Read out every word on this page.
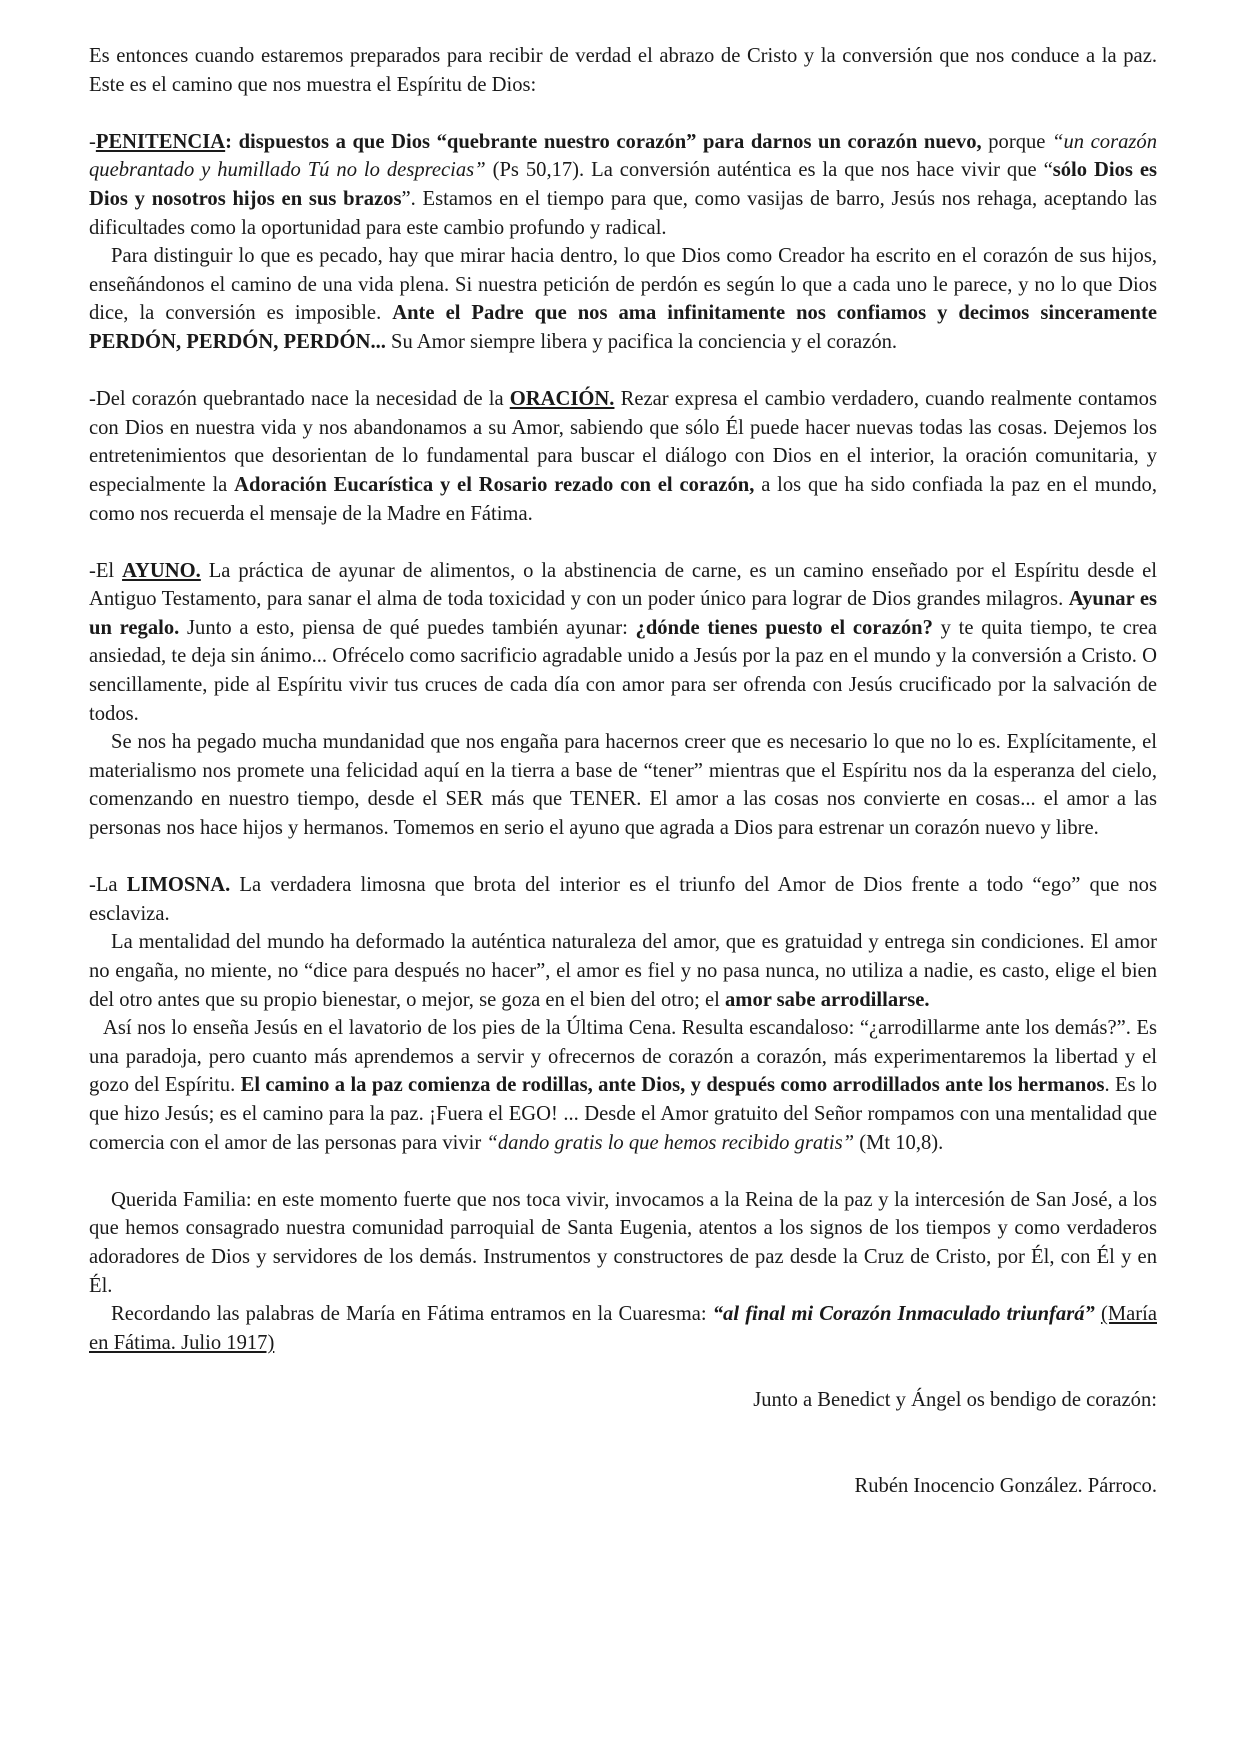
Es entonces cuando estaremos preparados para recibir de verdad el abrazo de Cristo y la conversión que nos conduce a la paz. Este es el camino que nos muestra el Espíritu de Dios:

-PENITENCIA: dispuestos a que Dios “quebrante nuestro corazón” para darnos un corazón nuevo, porque “un corazón quebrantado y humillado Tú no lo desprecias” (Ps 50,17). La conversión auténtica es la que nos hace vivir que “sólo Dios es Dios y nosotros hijos en sus brazos”. Estamos en el tiempo para que, como vasijas de barro, Jesús nos rehaga, aceptando las dificultades como la oportunidad para este cambio profundo y radical.

Para distinguir lo que es pecado, hay que mirar hacia dentro, lo que Dios como Creador ha escrito en el corazón de sus hijos, enseñándonos el camino de una vida plena. Si nuestra petición de perdón es según lo que a cada uno le parece, y no lo que Dios dice, la conversión es imposible. Ante el Padre que nos ama infinitamente nos confiamos y decimos sinceramente PERDÓN, PERDÓN, PERDÓN... Su Amor siempre libera y pacifica la conciencia y el corazón.

-Del corazón quebrantado nace la necesidad de la ORACIÓN. Rezar expresa el cambio verdadero, cuando realmente contamos con Dios en nuestra vida y nos abandonamos a su Amor, sabiendo que sólo Él puede hacer nuevas todas las cosas. Dejemos los entretenimientos que desorientan de lo fundamental para buscar el diálogo con Dios en el interior, la oración comunitaria, y especialmente la Adoración Eucarística y el Rosario rezado con el corazón, a los que ha sido confiada la paz en el mundo, como nos recuerda el mensaje de la Madre en Fátima.

-El AYUNO. La práctica de ayunar de alimentos, o la abstinencia de carne, es un camino enseñado por el Espíritu desde el Antiguo Testamento, para sanar el alma de toda toxicidad y con un poder único para lograr de Dios grandes milagros. Ayunar es un regalo. Junto a esto, piensa de qué puedes también ayunar: ¿dónde tienes puesto el corazón? y te quita tiempo, te crea ansiedad, te deja sin ánimo... Ofrécelo como sacrificio agradable unido a Jesús por la paz en el mundo y la conversión a Cristo. O sencillamente, pide al Espíritu vivir tus cruces de cada día con amor para ser ofrenda con Jesús crucificado por la salvación de todos.

Se nos ha pegado mucha mundanidad que nos engaña para hacernos creer que es necesario lo que no lo es. Explícitamente, el materialismo nos promete una felicidad aquí en la tierra a base de “tener” mientras que el Espíritu nos da la esperanza del cielo, comenzando en nuestro tiempo, desde el SER más que TENER. El amor a las cosas nos convierte en cosas... el amor a las personas nos hace hijos y hermanos. Tomemos en serio el ayuno que agrada a Dios para estrenar un corazón nuevo y libre.

-La LIMOSNA. La verdadera limosna que brota del interior es el triunfo del Amor de Dios frente a todo “ego” que nos esclaviza.

La mentalidad del mundo ha deformado la auténtica naturaleza del amor, que es gratuidad y entrega sin condiciones. El amor no engaña, no miente, no “dice para después no hacer”, el amor es fiel y no pasa nunca, no utiliza a nadie, es casto, elige el bien del otro antes que su propio bienestar, o mejor, se goza en el bien del otro; el amor sabe arrodillarse.

Así nos lo enseña Jesús en el lavatorio de los pies de la Última Cena. Resulta escandaloso: “¿arrodillarme ante los demás?”. Es una paradoja, pero cuanto más aprendemos a servir y ofrecernos de corazón a corazón, más experimentaremos la libertad y el gozo del Espíritu. El camino a la paz comienza de rodillas, ante Dios, y después como arrodillados ante los hermanos. Es lo que hizo Jesús; es el camino para la paz. ¡Fuera el EGO! ... Desde el Amor gratuito del Señor rompamos con una mentalidad que comercia con el amor de las personas para vivir “dando gratis lo que hemos recibido gratis” (Mt 10,8).

Querida Familia: en este momento fuerte que nos toca vivir, invocamos a la Reina de la paz y la intercesión de San José, a los que hemos consagrado nuestra comunidad parroquial de Santa Eugenia, atentos a los signos de los tiempos y como verdaderos adoradores de Dios y servidores de los demás. Instrumentos y constructores de paz desde la Cruz de Cristo, por Él, con Él y en Él.

Recordando las palabras de María en Fátima entramos en la Cuaresma: “al final mi Corazón Inmaculado triunfará” (María en Fátima. Julio 1917)

Junto a Benedict y Ángel os bendigo de corazón:

Rubén Inocencio González. Párroco.
